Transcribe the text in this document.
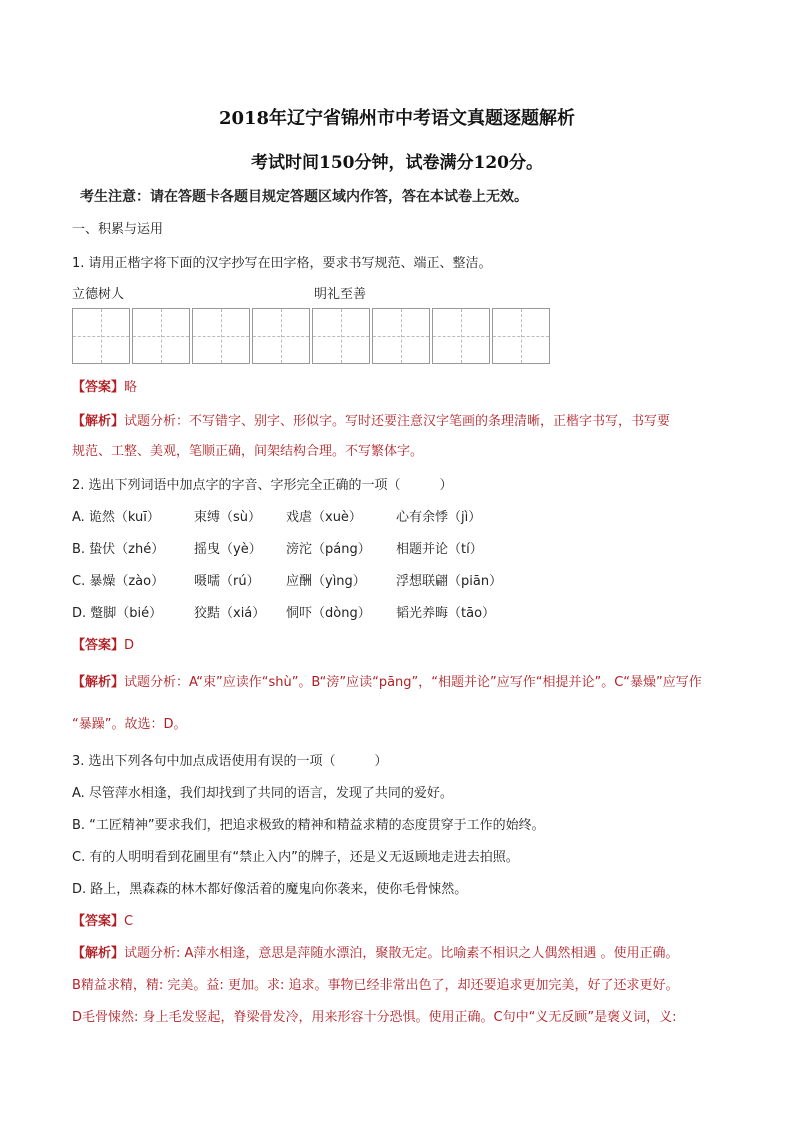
2018年辽宁省锦州市中考语文真题逐题解析
考试时间150分钟，试卷满分120分。
考生注意：请在答题卡各题目规定答题区域内作答，答在本试卷上无效。
一、积累与运用
1. 请用正楷字将下面的汉字抄写在田字格，要求书写规范、端正、整洁。
立德树人	明礼至善
【答案】略
【解析】试题分析：不写错字、别字、形似字。写时还要注意汉字笔画的条理清晰，正楷字书写，书写要
规范、工整、美观，笔顺正确，间架结构合理。不写繁体字。
2. 选出下列词语中加点字的字音、字形完全正确的一项（　　　）
A. 诡然（kuī）	束缚（sù） 戏虐（xuè）	心有余悸（jì）
B. 蛰伏（zhé） 摇曳（yè） 滂沱（páng） 相题并论（tí）
C. 暴燥（zào） 嗫嚅（rú） 应酬（yìng） 浮想联翩（piān）
D. 蹩脚（bié） 狡黠（xiá） 恫吓（dòng） 韬光养晦（tāo）
【答案】D
【解析】试题分析：A“束”应读作“shù”。B“滂”应读“pāng”，“相题并论”应写作“相提并论”。C“暴燥”应写作
“暴躁”。故选：D。
3. 选出下列各句中加点成语使用有误的一项（　　　）
A. 尽管萍水相逢，我们却找到了共同的语言，发现了共同的爱好。
B. “工匠精神”要求我们，把追求极致的精神和精益求精的态度贯穿于工作的始终。
C. 有的人明明看到花圃里有“禁止入内”的牌子，还是义无返顾地走进去拍照。
D. 路上，黑森森的林木都好像活着的魔鬼向你袭来，使你毛骨悚然。
【答案】C
【解析】试题分析: A萍水相逢，意思是萍随水漂泊，聚散无定。比喻素不相识之人偶然相遇 。使用正确。
B精益求精，精: 完美。益: 更加。求: 追求。事物已经非常出色了，却还要追求更加完美，好了还求更好。
D毛骨悚然: 身上毛发竖起，脊梁骨发冷，用来形容十分恐惧。使用正确。C句中“义无反顾”是褒义词，义:
